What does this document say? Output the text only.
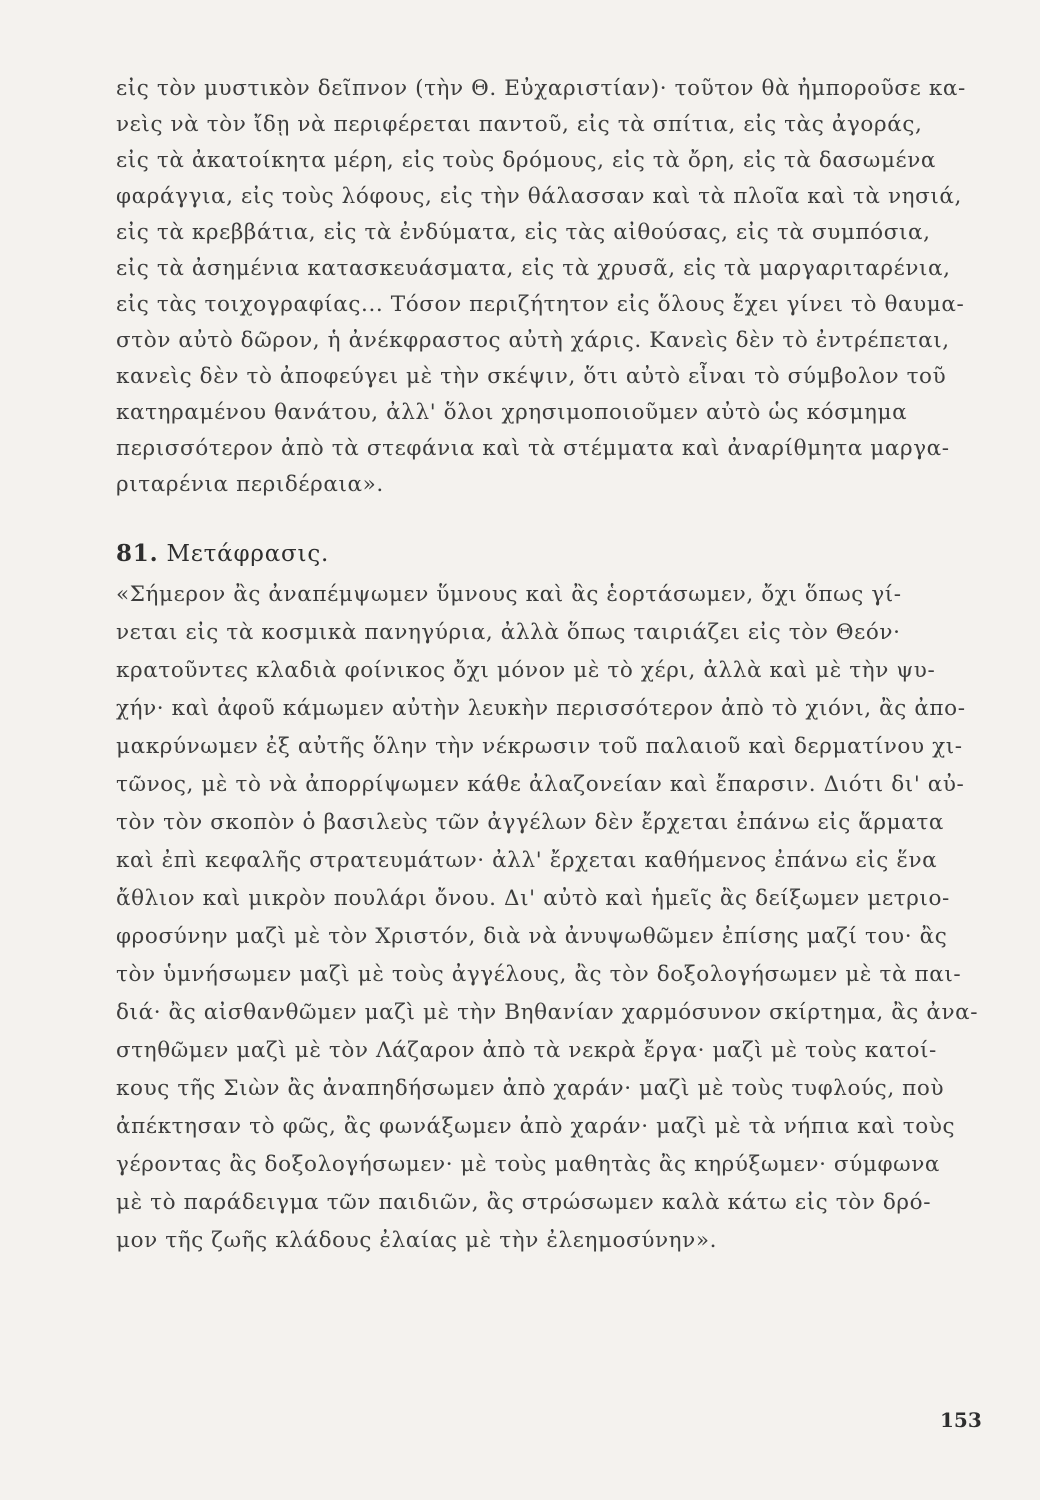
εἰς τὸν μυστικὸν δεῖπνον (τὴν Θ. Εὐχαριστίαν)· τοῦτον θὰ ἠμποροῦσε κα-
νεὶς νὰ τὸν ἴδῃ νὰ περιφέρεται παντοῦ, εἰς τὰ σπίτια, εἰς τὰς ἀγοράς,
εἰς τὰ ἀκατοίκητα μέρη, εἰς τοὺς δρόμους, εἰς τὰ ὄρη, εἰς τὰ δασωμένα
φαράγγια, εἰς τοὺς λόφους, εἰς τὴν θάλασσαν καὶ τὰ πλοῖα καὶ τὰ νησιά,
εἰς τὰ κρεββάτια, εἰς τὰ ἐνδύματα, εἰς τὰς αἰθούσας, εἰς τὰ συμπόσια,
εἰς τὰ ἀσημένια κατασκευάσματα, εἰς τὰ χρυσᾶ, εἰς τὰ μαργαριταρένια,
εἰς τὰς τοιχογραφίας... Τόσον περιζήτητον εἰς ὅλους ἔχει γίνει τὸ θαυμα-
στὸν αὐτὸ δῶρον, ἡ ἀνέκφραστος αὐτὴ χάρις. Κανεὶς δὲν τὸ ἐντρέπεται,
κανεὶς δὲν τὸ ἀποφεύγει μὲ τὴν σκέψιν, ὅτι αὐτὸ εἶναι τὸ σύμβολον τοῦ
κατηραμένου θανάτου, ἀλλ' ὅλοι χρησιμοποιοῦμεν αὐτὸ ὡς κόσμημα
περισσότερον ἀπὸ τὰ στεφάνια καὶ τὰ στέμματα καὶ ἀναρίθμητα μαργα-
ριταρένια περιδέραια».
81. Μετάφρασις.
«Σήμερον ἂς ἀναπέμψωμεν ὕμνους καὶ ἂς ἑορτάσωμεν, ὄχι ὅπως γί-
νεται εἰς τὰ κοσμικὰ πανηγύρια, ἀλλὰ ὅπως ταιριάζει εἰς τὸν Θεόν·
κρατοῦντες κλαδιὰ φοίνικος ὄχι μόνον μὲ τὸ χέρι, ἀλλὰ καὶ μὲ τὴν ψυ-
χήν· καὶ ἀφοῦ κάμωμεν αὐτὴν λευκὴν περισσότερον ἀπὸ τὸ χιόνι, ἂς ἀπο-
μακρύνωμεν ἐξ αὐτῆς ὅλην τὴν νέκρωσιν τοῦ παλαιοῦ καὶ δερματίνου χι-
τῶνος, μὲ τὸ νὰ ἀπορρίψωμεν κάθε ἀλαζονείαν καὶ ἔπαρσιν. Διότι δι' αὐ-
τὸν τὸν σκοπὸν ὁ βασιλεὺς τῶν ἀγγέλων δὲν ἔρχεται ἐπάνω εἰς ἅρματα
καὶ ἐπὶ κεφαλῆς στρατευμάτων· ἀλλ' ἔρχεται καθήμενος ἐπάνω εἰς ἕνα
ἄθλιον καὶ μικρὸν πουλάρι ὄνου. Δι' αὐτὸ καὶ ἡμεῖς ἂς δείξωμεν μετριο-
φροσύνην μαζὶ μὲ τὸν Χριστόν, διὰ νὰ ἀνυψωθῶμεν ἐπίσης μαζί του· ἂς
τὸν ὑμνήσωμεν μαζὶ μὲ τοὺς ἀγγέλους, ἂς τὸν δοξολογήσωμεν μὲ τὰ παι-
διά· ἂς αἰσθανθῶμεν μαζὶ μὲ τὴν Βηθανίαν χαρμόσυνον σκίρτημα, ἂς ἀνα-
στηθῶμεν μαζὶ μὲ τὸν Λάζαρον ἀπὸ τὰ νεκρὰ ἔργα· μαζὶ μὲ τοὺς κατοί-
κους τῆς Σιὼν ἂς ἀναπηδήσωμεν ἀπὸ χαράν· μαζὶ μὲ τοὺς τυφλούς, ποὺ
ἀπέκτησαν τὸ φῶς, ἂς φωνάξωμεν ἀπὸ χαράν· μαζὶ μὲ τὰ νήπια καὶ τοὺς
γέροντας ἂς δοξολογήσωμεν· μὲ τοὺς μαθητὰς ἂς κηρύξωμεν· σύμφωνα
μὲ τὸ παράδειγμα τῶν παιδιῶν, ἂς στρώσωμεν καλὰ κάτω εἰς τὸν δρό-
μον τῆς ζωῆς κλάδους ἐλαίας μὲ τὴν ἐλεημοσύνην».
153
